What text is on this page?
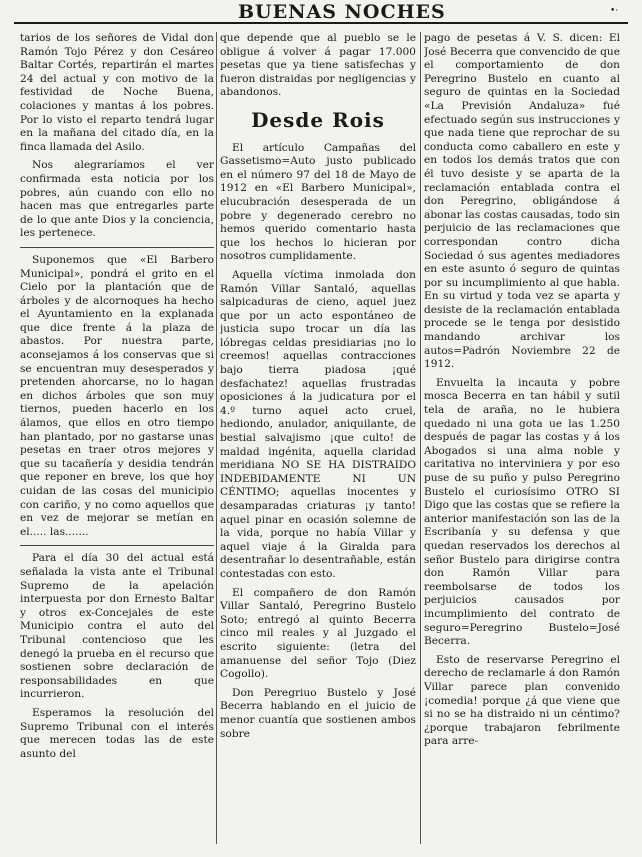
BUENAS NOCHES	•·

tarios de los señores de Vidal don Ramón Tojo Pérez y don Cesáreo Baltar Cortés, repartirán el martes 24 del actual y con motivo de la festividad de Noche Buena, colaciones y mantas á los pobres. Por lo visto el reparto tendrá lugar en la mañana del citado día, en la finca llamada del Asilo.

Nos alegraríamos el ver confirmada esta noticia por los pobres, aún cuando con ello no hacen mas que entregarles parte de lo que ante Dios y la conciencia, les pertenece.

Suponemos que «El Barbero Municipal», pondrá el grito en el Cielo por la plantación que de árboles y de alcornoques ha hecho el Ayuntamiento en la explanada que dice frente á la plaza de abastos. Por nuestra parte, aconsejamos á los conservas que si se encuentran muy desesperados y pretenden ahorcarse, no lo hagan en dichos árboles que son muy tiernos, pueden hacerlo en los álamos, que ellos en otro tiempo han plantado, por no gastarse unas pesetas en traer otros mejores y que su tacañería y desidia tendrán que reponer en breve, los que hoy cuidan de las cosas del municipio con cariño, y no como aquellos que en vez de mejorar se metían en el..... las.......

Para el día 30 del actual está señalada la vista ante el Tribunal Supremo de la apelación interpuesta por don Ernesto Baltar y otros ex-Concejales de este Municipio contra el auto del Tribunal contencioso que les denegó la prueba en el recurso que sostienen sobre declaración de responsabilidades en que incurrieron.

Esperamos la resolución del Supremo Tribunal con el interés que merecen todas las de este asunto del

que depende que al pueblo se le obligue á volver á pagar 17.000 pesetas que ya tiene satisfechas y fueron distraidas por negligencias y abandonos.

Desde Rois

El artículo Campañas del Gassetismo=Auto justo publicado en el número 97 del 18 de Mayo de 1912 en «El Barbero Municipal», elucubración desesperada de un pobre y degenerado cerebro no hemos querido comentario hasta que los hechos lo hicieran por nosotros cumplidamente.

Aquella víctima inmolada don Ramón Villar Santaló, aquellas salpicaduras de cieno, aquel juez que por un acto espontáneo de justicia supo trocar un día las lóbregas celdas presidiarias ¡no lo creemos! aquellas contracciones bajo tierra piadosa ¡qué desfachatez! aquellas frustradas oposiciones á la judicatura por el 4.º turno aquel acto cruel, hediondo, anulador, aniquilante, de bestial salvajismo ¡que culto! de maldad ingénita, aquella claridad meridiana NO SE HA DISTRAIDO INDEBIDAMENTE NI UN CÉNTIMO; aquellas inocentes y desamparadas criaturas ¡y tanto! aquel pinar en ocasión solemne de la vida, porque no había Villar y aquel viaje á la Giralda para desentrañar lo desentrañable, están contestadas con esto.

El compañero de don Ramón Villar Santaló, Peregrino Bustelo Soto; entregó al quinto Becerra cinco mil reales y al Juzgado el escrito siguiente: (letra del amanuense del señor Tojo (Diez Cogollo).

Don Peregriuo Bustelo y José Becerra hablando en el juicio de menor cuantía que sostienen ambos sobre

pago de pesetas á V. S. dicen: El José Becerra que convencido de que el comportamiento de don Peregrino Bustelo en cuanto al seguro de quintas en la Sociedad «La Previsión Andaluza» fué efectuado según sus instrucciones y que nada tiene que reprochar de su conducta como caballero en este y en todos los demás tratos que con él tuvo desiste y se aparta de la reclamación entablada contra el don Peregrino, obligándose á abonar las costas causadas, todo sin perjuicio de las reclamaciones que correspondan contro dicha Sociedad ó sus agentes mediadores en este asunto ó seguro de quintas por su incumplimiento al que habla. En su virtud y toda vez se aparta y desiste de la reclamación entablada procede se le tenga por desistido mandando archivar los autos=Padrón Noviembre 22 de 1912.

Envuelta la incauta y pobre mosca Becerra en tan hábil y sutil tela de araña, no le hubiera quedado ni una gota ue las 1.250 después de pagar las costas y á los Abogados si una alma noble y caritativa no interviniera y por eso puse de su puño y pulso Peregrino Bustelo el curiosísimo OTRO SI Digo que las costas que se refiere la anterior manifestación son las de la Escribanía y su defensa y que quedan reservados los derechos al señor Bustelo para dirigirse contra don Ramón Villar para reembolsarse de todos los perjuicios causados por incumplimiento del contrato de seguro=Peregrino Bustelo=José Becerra.

Esto de reservarse Peregrino el derecho de reclamarle á don Ramón Villar parece plan convenido ¡comedia! porque ¿á que viene que si no se ha distraido ni un céntimo? ¿porque trabajaron febrilmente para arre-
